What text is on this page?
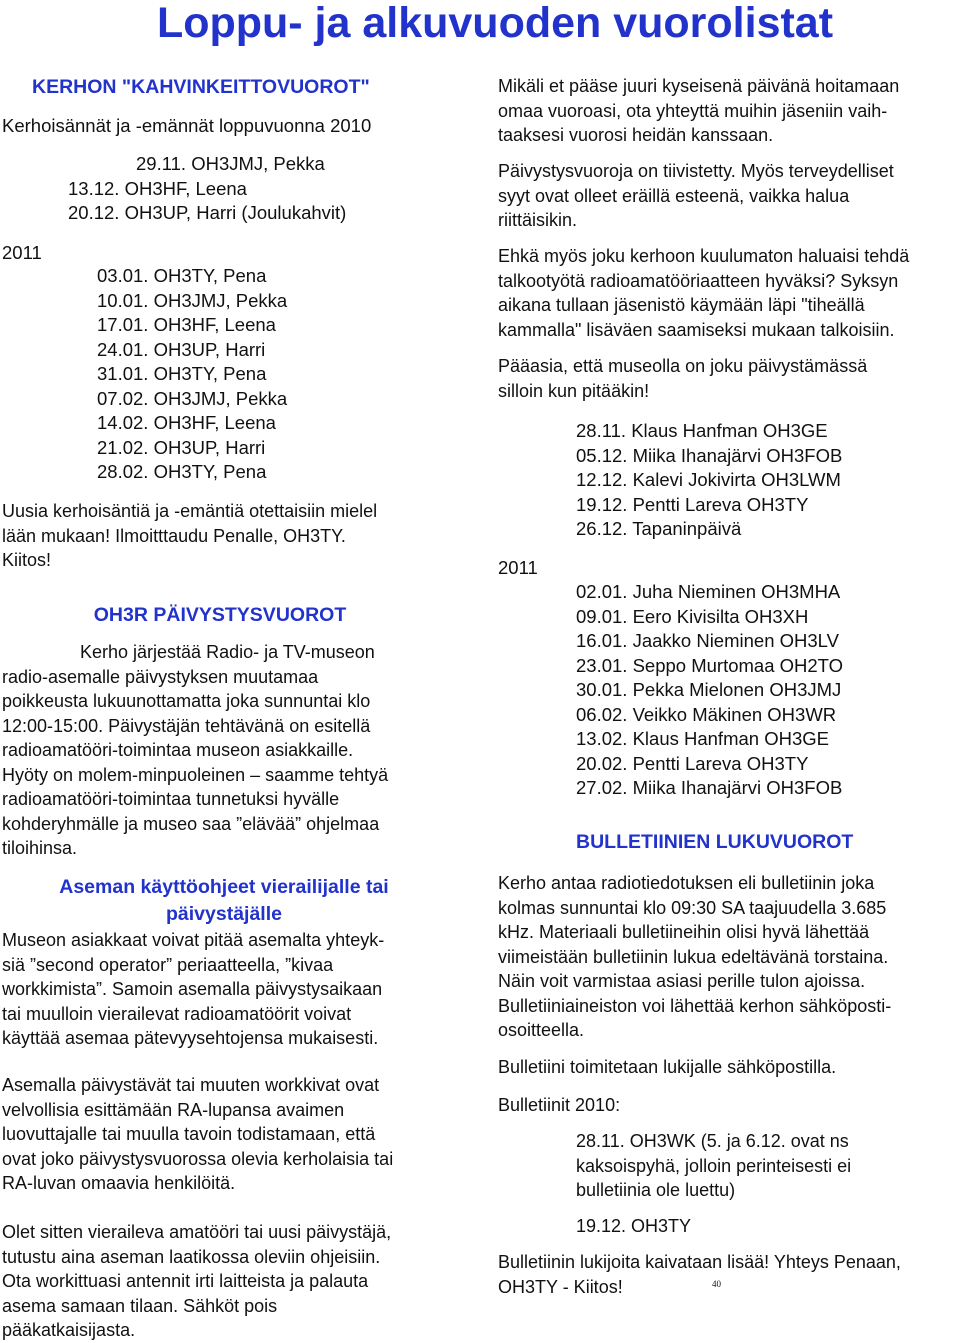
Loppu- ja alkuvuoden vuorolistat
KERHON "KAHVINKEITTOVUOROT"
Kerhoisännät ja -emännät loppuvuonna 2010
29.11. OH3JMJ, Pekka
13.12. OH3HF, Leena
20.12. OH3UP, Harri (Joulukahvit)
2011
03.01. OH3TY, Pena
10.01. OH3JMJ, Pekka
17.01. OH3HF, Leena
24.01. OH3UP, Harri
31.01. OH3TY, Pena
07.02. OH3JMJ, Pekka
14.02. OH3HF, Leena
21.02. OH3UP, Harri
28.02. OH3TY, Pena
Uusia kerhoisäntiä ja -emäntiä otettaisiin mielel
lään mukaan! Ilmoitttaudu Penalle, OH3TY.
Kiitos!
OH3R PÄIVYSTYSVUOROT
Kerho järjestää Radio- ja TV-museon
radio-asemalle päivystyksen muutamaa
poikkeusta lukuunottamatta joka sunnuntai klo
12:00-15:00. Päivystäjän tehtävänä on esitellä
radioamatööri-toimintaa museon asiakkaille.
Hyöty on molem-minpuoleinen – saamme tehtyä
radioamatööri-toimintaa tunnetuksi hyvälle
kohderyhmälle ja museo saa ”elävää” ohjelmaa
tiloihinsa.
Aseman käyttöohjeet vierailijalle tai
päivystäjälle
Museon asiakkaat voivat pitää asemalta yhteyk-
siä ”second operator” periaatteella, ”kivaa
workkimista”. Samoin asemalla päivystysaikaan
tai muulloin vierailevat radioamatöörit voivat
käyttää asemaa pätevyysehtojensa mukaisesti.
Asemalla päivystävät tai muuten workkivat ovat
velvollisia esittämään RA-lupansa avaimen
luovuttajalle tai muulla tavoin todistamaan, että
ovat joko päivystysvuorossa olevia kerholaisia tai
RA-luvan omaavia henkilöitä.
Olet sitten vieraileva amatööri tai uusi päivystäjä,
tutustu aina aseman laatikossa oleviin ohjeisiin.
Ota workittuasi antennit irti laitteista ja palauta
asema samaan tilaan. Sähköt pois
pääkatkaisijasta.
Mikäli et pääse juuri kyseisenä päivänä hoitamaan
omaa vuoroasi, ota yhteyttä muihin jäseniin vaih-
taaksesi vuorosi heidän kanssaan.
Päivystysvuoroja on tiivistetty. Myös terveydelliset
syyt ovat olleet eräillä esteenä, vaikka halua
riittäisikin.
Ehkä myös joku kerhoon kuulumaton haluaisi tehdä
talkootyötä radioamatööriaatteen hyväksi? Syksyn
aikana tullaan jäsenistö käymään läpi "tiheällä
kammalla" lisäväen saamiseksi mukaan talkoisiin.
Pääasia, että museolla on joku päivystämässä
silloin kun pitääkin!
28.11. Klaus Hanfman OH3GE
05.12. Miika Ihanajärvi OH3FOB
12.12. Kalevi Jokivirta OH3LWM
19.12. Pentti Lareva OH3TY
26.12. Tapaninpäivä
2011
02.01. Juha Nieminen OH3MHA
09.01. Eero Kivisilta OH3XH
16.01. Jaakko Nieminen OH3LV
23.01. Seppo Murtomaa OH2TO
30.01. Pekka Mielonen OH3JMJ
06.02. Veikko Mäkinen OH3WR
13.02. Klaus Hanfman OH3GE
20.02. Pentti Lareva OH3TY
27.02. Miika Ihanajärvi OH3FOB
BULLETIINIEN LUKUVUOROT
Kerho antaa radiotiedotuksen eli bulletiinin joka
kolmas sunnuntai klo 09:30 SA taajuudella 3.685
kHz. Materiaali bulletiineihin olisi hyvä lähettää
viimeistään bulletiinin lukua edeltävänä torstaina.
Näin voit varmistaa asiasi perille tulon ajoissa.
Bulletiiniaineiston voi lähettää kerhon sähköposti-
osoitteella.
Bulletiini toimitetaan lukijalle sähköpostilla.
Bulletiinit 2010:
28.11. OH3WK (5. ja 6.12. ovat ns
kaksoispyhä, jolloin perinteisesti ei
bulletiinia ole luettu)
19.12. OH3TY
Bulletiinin lukijoita kaivataan lisää! Yhteys Penaan,
OH3TY - Kiitos!	40
